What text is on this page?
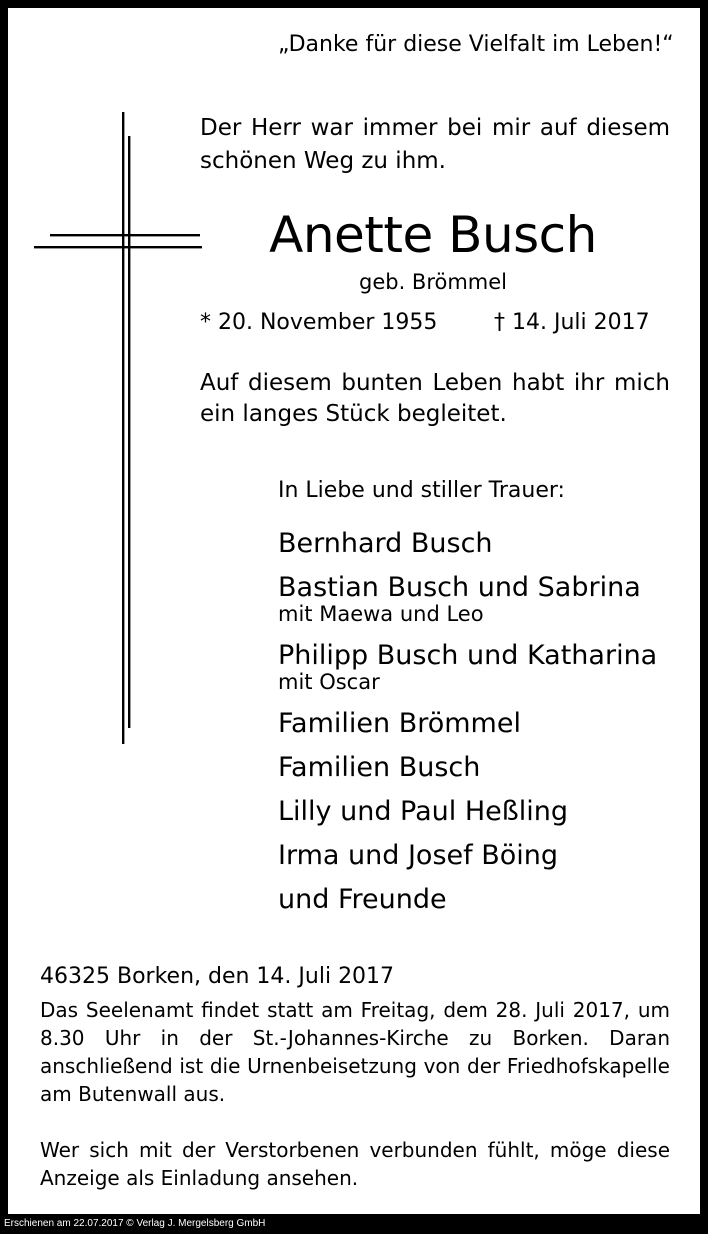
„Danke für diese Vielfalt im Leben!“
Der Herr war immer bei mir auf diesem schönen Weg zu ihm.
Anette Busch
geb. Brömmel
* 20. November 1955	† 14. Juli 2017
Auf diesem bunten Leben habt ihr mich ein langes Stück begleitet.
In Liebe und stiller Trauer:
Bernhard Busch
Bastian Busch und Sabrina
mit Maewa und Leo
Philipp Busch und Katharina
mit Oscar
Familien Brömmel
Familien Busch
Lilly und Paul Heßling
Irma und Josef Böing
und Freunde
46325 Borken, den 14. Juli 2017
Das Seelenamt findet statt am Freitag, dem 28. Juli 2017, um 8.30 Uhr in der St.-Johannes-Kirche zu Borken. Daran anschließend ist die Urnenbeisetzung von der Friedhofskapelle am Butenwall aus.
Wer sich mit der Verstorbenen verbunden fühlt, möge diese Anzeige als Einladung ansehen.
Erschienen am 22.07.2017 © Verlag J. Mergelsberg GmbH
